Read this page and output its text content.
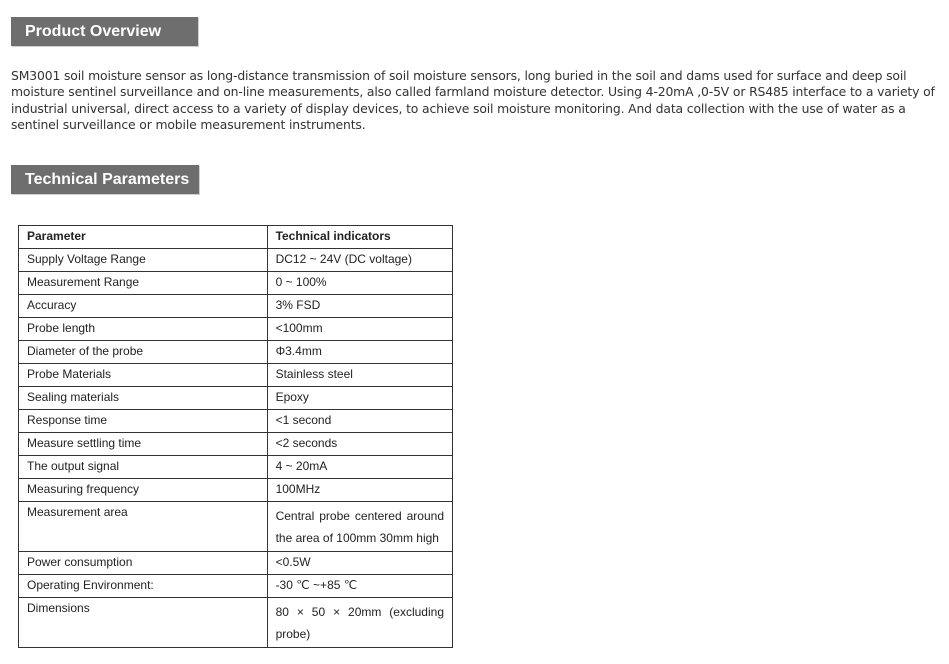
Product Overview

SM3001 soil moisture sensor as long-distance transmission of soil moisture sensors, long buried in the soil and dams used for surface and deep soil moisture sentinel surveillance and on-line measurements, also called farmland moisture detector. Using 4-20mA ,0-5V or RS485 interface to a variety of industrial universal, direct access to a variety of display devices, to achieve soil moisture monitoring. And data collection with the use of water as a sentinel surveillance or mobile measurement instruments.

Technical Parameters
Parameter	Technical indicators
Supply Voltage Range	DC12 ~ 24V (DC voltage)
Measurement Range	0 ~ 100%
Accuracy	3% FSD
Probe length	<100mm
Diameter of the probe	Φ3.4mm
Probe Materials	Stainless steel
Sealing materials	Epoxy
Response time	<1 second
Measure settling time	<2 seconds
The output signal	4 ~ 20mA
Measuring frequency	100MHz
Measurement area	Central probe centered around the area of 100mm 30mm high
Power consumption	<0.5W
Operating Environment:	-30 ℃ ~+85 ℃
Dimensions	80 × 50 × 20mm (excluding probe)
